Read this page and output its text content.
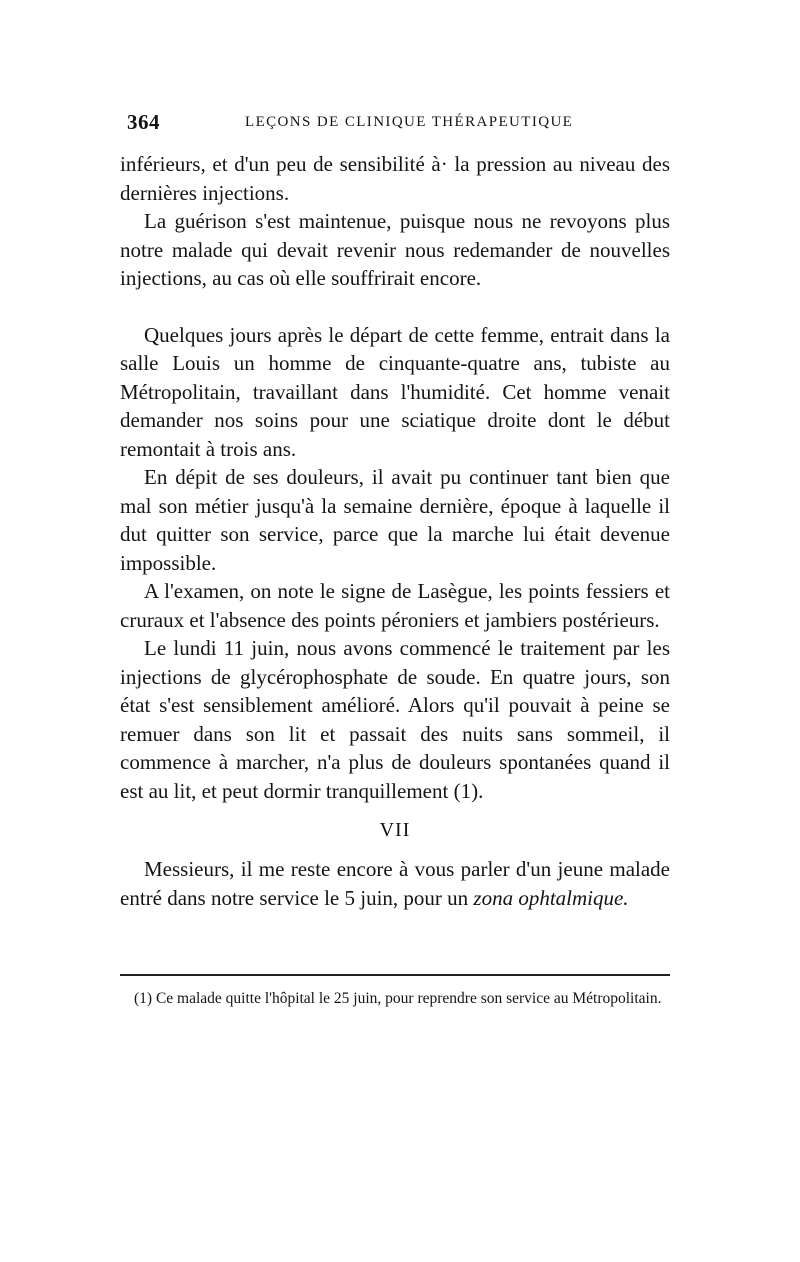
364	LEÇONS DE CLINIQUE THÉRAPEUTIQUE

inférieurs, et d'un peu de sensibilité à· la pression au niveau des dernières injections.

La guérison s'est maintenue, puisque nous ne revoyons plus notre malade qui devait revenir nous redemander de nouvelles injections, au cas où elle souffrirait encore.

Quelques jours après le départ de cette femme, entrait dans la salle Louis un homme de cinquante-quatre ans, tubiste au Métropolitain, travaillant dans l'humidité. Cet homme venait demander nos soins pour une sciatique droite dont le début remontait à trois ans.

En dépit de ses douleurs, il avait pu continuer tant bien que mal son métier jusqu'à la semaine dernière, époque à laquelle il dut quitter son service, parce que la marche lui était devenue impossible.

A l'examen, on note le signe de Lasègue, les points fessiers et cruraux et l'absence des points péroniers et jambiers postérieurs.

Le lundi 11 juin, nous avons commencé le traitement par les injections de glycérophosphate de soude. En quatre jours, son état s'est sensiblement amélioré. Alors qu'il pouvait à peine se remuer dans son lit et passait des nuits sans sommeil, il commence à marcher, n'a plus de douleurs spontanées quand il est au lit, et peut dormir tranquillement (1).

VII

Messieurs, il me reste encore à vous parler d'un jeune malade entré dans notre service le 5 juin, pour un zona ophtalmique.

(1) Ce malade quitte l'hôpital le 25 juin, pour reprendre son service au Métropolitain.
